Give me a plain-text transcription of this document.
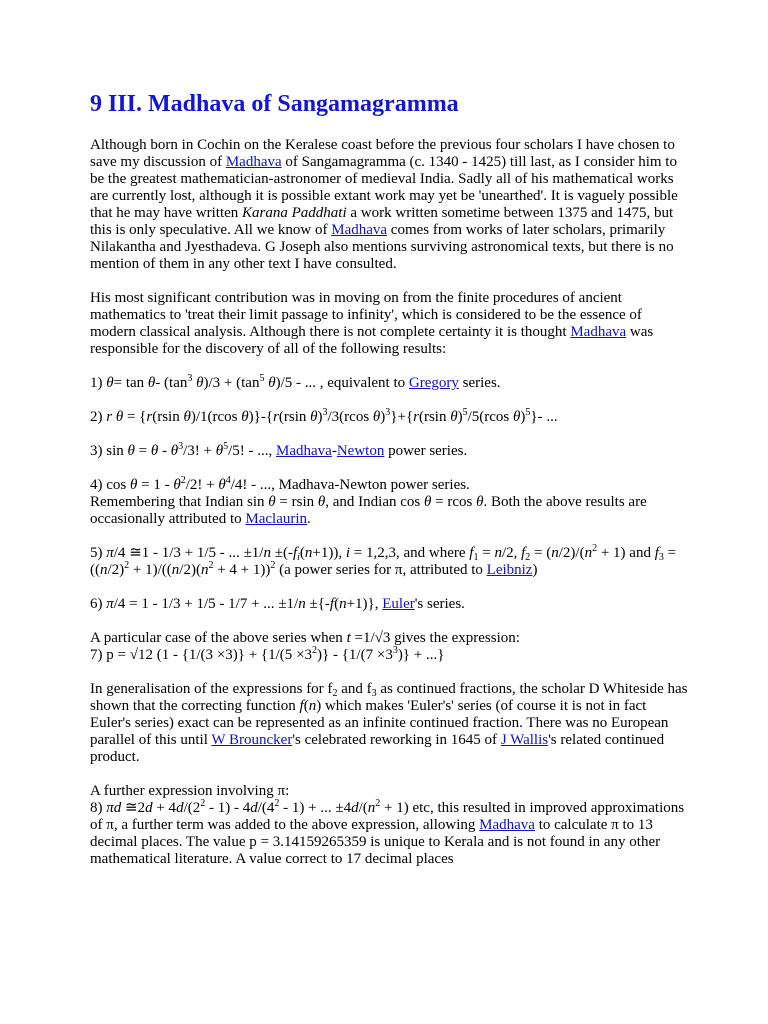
9 III. Madhava of Sangamagramma

Although born in Cochin on the Keralese coast before the previous four scholars I have chosen to save my discussion of Madhava of Sangamagramma (c. 1340 - 1425) till last, as I consider him to be the greatest mathematician-astronomer of medieval India. Sadly all of his mathematical works are currently lost, although it is possible extant work may yet be 'unearthed'. It is vaguely possible that he may have written Karana Paddhati a work written sometime between 1375 and 1475, but this is only speculative. All we know of Madhava comes from works of later scholars, primarily Nilakantha and Jyesthadeva. G Joseph also mentions surviving astronomical texts, but there is no mention of them in any other text I have consulted.

His most significant contribution was in moving on from the finite procedures of ancient mathematics to 'treat their limit passage to infinity', which is considered to be the essence of modern classical analysis. Although there is not complete certainty it is thought Madhava was responsible for the discovery of all of the following results:

1) θ= tan θ- ($\tan^3$ $\theta)/3 + (\tan^5$ θ)/5 - ... , equivalent to Gregory series.

2) r θ = {r(rsin θ)/1(rcos θ)}-{r(rsin θ)$^3$/3(rcos θ)$^3$}+{r(rsin θ)$^5$/5(rcos θ)$^5$}- ...

3) $\sin \theta = \theta - \theta^3/3$! + $\theta^5/5$! - ..., Madhava-Newton power series.

4) $\cos \theta = 1 - \theta^2/2$! + $\theta^4/4$! - ..., Madhava-Newton power series.

Remembering that Indian sin θ = rsin θ, and Indian cos θ = rcos θ. Both the above results are occasionally attributed to Maclaurin.

5) π/4 ≅1 - 1/3 + 1/5 - ... $\pm 1/n \pm(-f_i(n+1))$, i = 1,2,3, and where $f_1 = n/2$, $f_2 = (n/2)/(n^2 + 1)$ and $f_3 = ((n/2)^2 + 1)/((n/2)(n^2 + 4 + 1))^2$ (a power series for π, attributed to Leibniz)

6) π/4 = 1 - 1/3 + 1/5 - 1/7 + ... ±1/n ±{-f(n+1)}, Euler's series.

A particular case of the above series when t =1/√3 gives the expression:

7) p = √12 ($1 - \{1/(3 \times 3)\} + \{1/(5 \times 3^2)\} - \{1/(7 \times 3^3)\}$ + ...}

In generalisation of the expressions for $f_2$ and $f_3$ as continued fractions, the scholar D Whiteside has shown that the correcting function f(n) which makes 'Euler's' series (of course it is not in fact Euler's series) exact can be represented as an infinite continued fraction. There was no European parallel of this until W Brouncker's celebrated reworking in 1645 of J Wallis's related continued product.

A further expression involving π:

8) πd ≅2d + $4d/(2^2 - 1) - 4d/(4^2 - 1)$ + ... $\pm 4d/(n^2 + 1)$ etc, this resulted in improved approximations of π, a further term was added to the above expression, allowing Madhava to calculate π to 13 decimal places. The value p = 3.14159265359 is unique to Kerala and is not found in any other mathematical literature. A value correct to 17 decimal places
